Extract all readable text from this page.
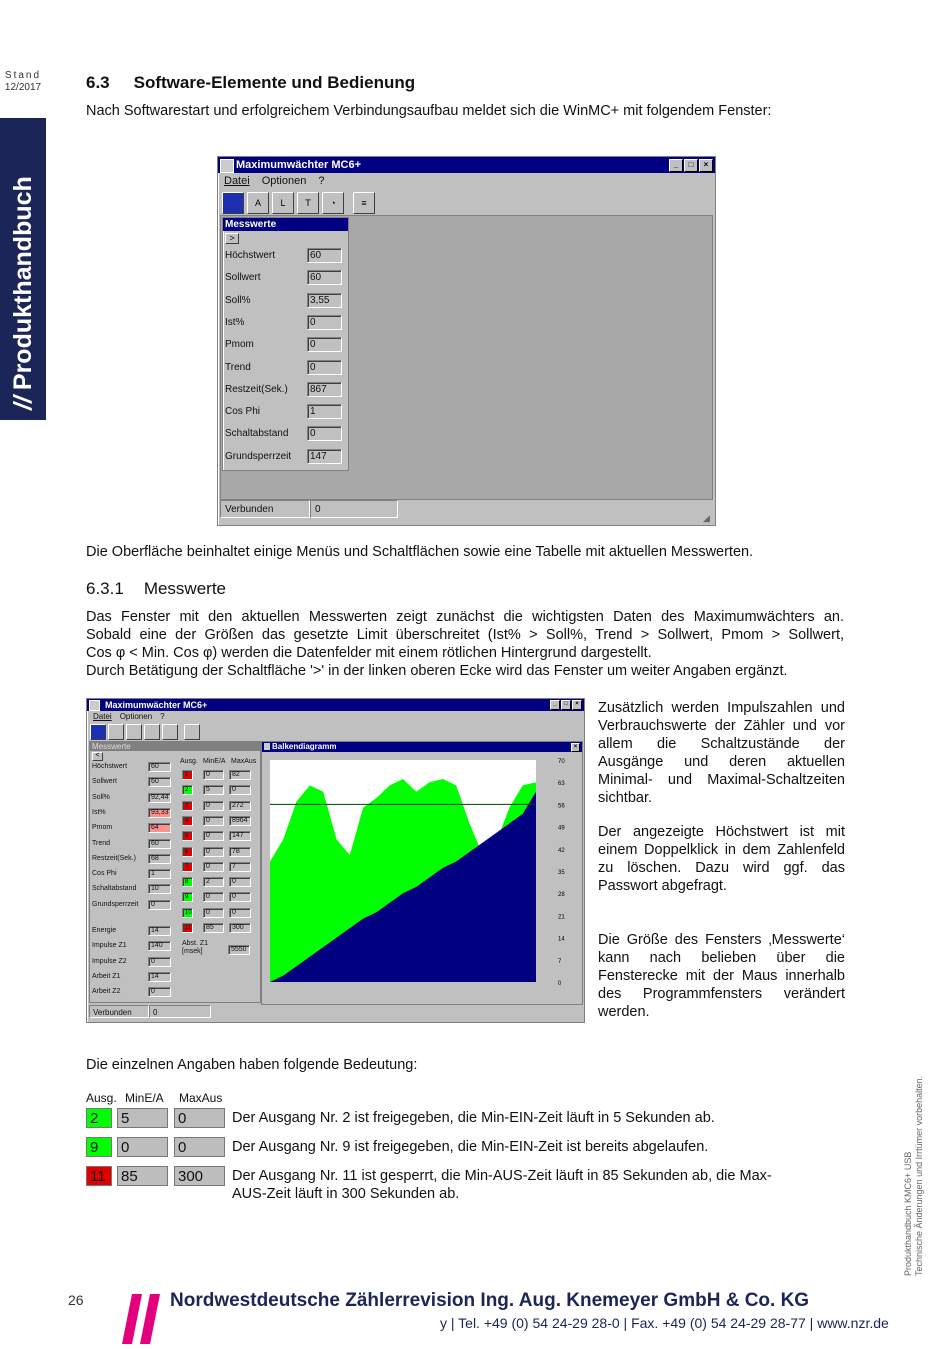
Stand
12/2017
//Produkthandbuch
6.3 Software-Elemente und Bedienung
Nach Softwarestart und erfolgreichem Verbindungsaufbau meldet sich die WinMC+ mit folgendem Fenster:
Maximumwächter MC6+	_	□	×
Datei Optionen ?
A	L	T	◔	≡
Messwerte
>
Höchstwert	60
Sollwert	60
Soll%	3,55
Ist%	0
Pmom	0
Trend	0
Restzeit(Sek.)	867
Cos Phi	1
Schaltabstand	0
Grundsperrzeit	147
Verbunden	0
◢
Die Oberfläche beinhaltet einige Menüs und Schaltflächen sowie eine Tabelle mit aktuellen Messwerten.
6.3.1 Messwerte
Das Fenster mit den aktuellen Messwerten zeigt zunächst die wichtigsten Daten des Maximumwächters an.
Sobald eine der Größen das gesetzte Limit überschreitet (Ist% > Soll%, Trend > Sollwert, Pmom > Sollwert,
Cos φ < Min. Cos φ) werden die Datenfelder mit einem rötlichen Hintergrund dargestellt.
Durch Betätigung der Schaltfläche '>' in der linken oberen Ecke wird das Fenster um weiter Angaben ergänzt.
Maximumwächter MC6+	_	□	×
Datei Optionen ?
Messwerte
<
Ausg. MinE/A MaxAus
Höchstwert	60
Sollwert	60
Soll%	92,44
Ist%	93,33
Pmom	64
Trend	60
Restzeit(Sek.)	68
Cos Phi	1
Schaltabstand	10
Grundsperrzeit	0
1	0	82
2	5	0
3	0	272
4	0	8964
5	0	147
6	0	78
7	0	7
8	2	0
9	0	0
10	0	0
11	85	300
Energie	14
Impulse Z1	140
Impulse Z2	0
Arbeit Z1	14
Arbeit Z2	0
Abst. Z1
[msek]	5550
Balkendiagramm	×
70
63
56
49
42
35
28
21
14
7
0
Verbunden	0
Zusätzlich werden Impulszahlen und Verbrauchswerte der Zähler und vor allem die Schaltzustände der Ausgänge und deren aktuellen Minimal- und Maximal-Schaltzeiten sichtbar.
Der angezeigte Höchstwert ist mit einem Doppelklick in dem Zahlenfeld zu löschen. Dazu wird ggf. das Passwort abgefragt.
Die Größe des Fensters ‚Messwerte‘ kann nach belieben über die Fensterecke mit der Maus innerhalb des Programmfensters verändert werden.
Die einzelnen Angaben haben folgende Bedeutung:
Ausg. MinE/A MaxAus
2	5	0	Der Ausgang Nr. 2 ist freigegeben, die Min-EIN-Zeit läuft in 5 Sekunden ab.
9	0	0	Der Ausgang Nr. 9 ist freigegeben, die Min-EIN-Zeit ist bereits abgelaufen.
11	85	300	Der Ausgang Nr. 11 ist gesperrt, die Min-AUS-Zeit läuft in 85 Sekunden ab, die Max-AUS-Zeit läuft in 300 Sekunden ab.	Produkthandbuch KMC6+ USB Technische Änderungen und Irrtümer vorbehalten.
26	Nordwestdeutsche Zählerrevision Ing. Aug. Knemeyer GmbH & Co. KG
y | Tel. +49 (0) 54 24-29 28-0 | Fax. +49 (0) 54 24-29 28-77 | www.nzr.de
